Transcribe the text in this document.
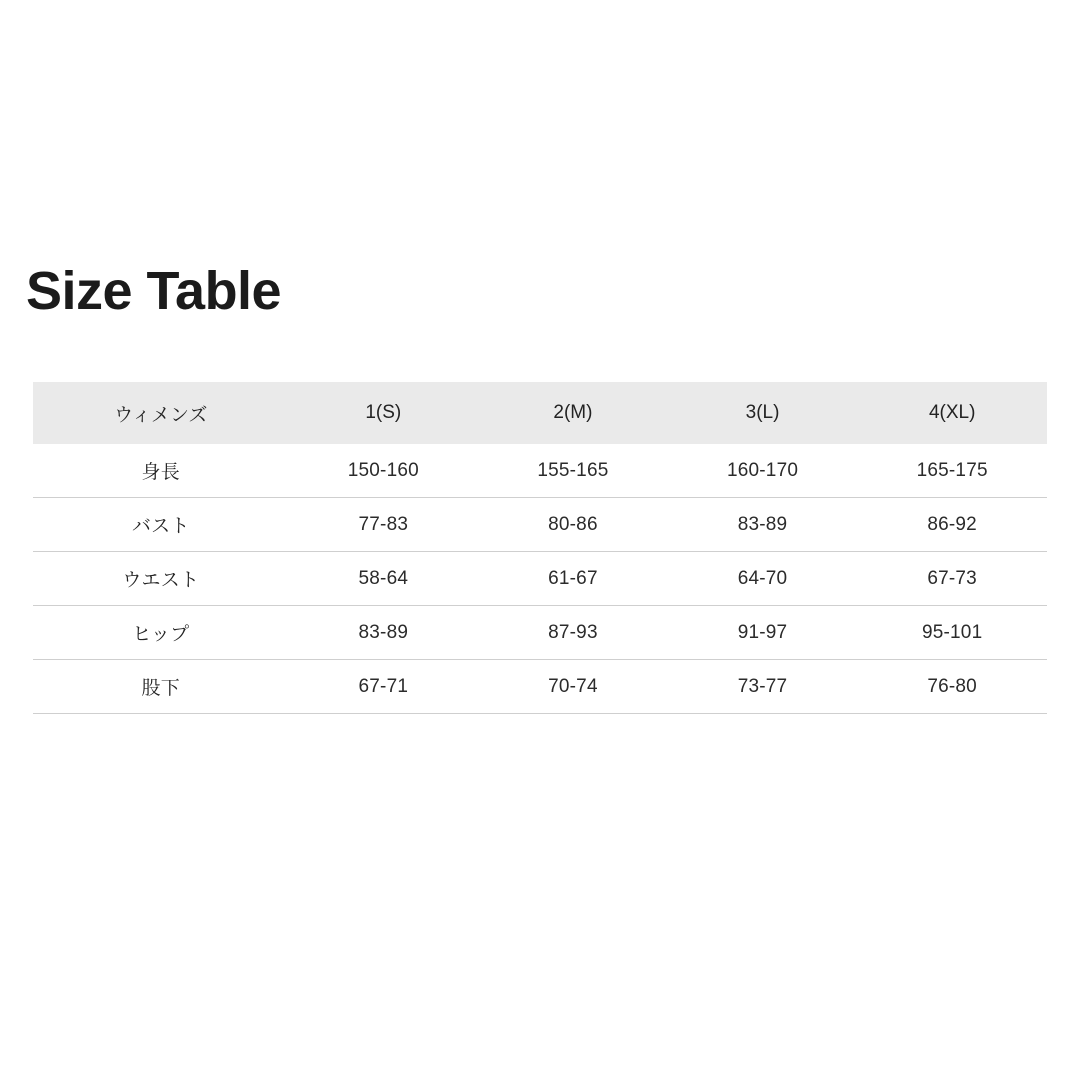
Size Table
ウィメンズ	1(S)	2(M)	3(L)	4(XL)
身長	150-160	155-165	160-170	165-175
バスト	77-83	80-86	83-89	86-92
ウエスト	58-64	61-67	64-70	67-73
ヒップ	83-89	87-93	91-97	95-101
股下	67-71	70-74	73-77	76-80
